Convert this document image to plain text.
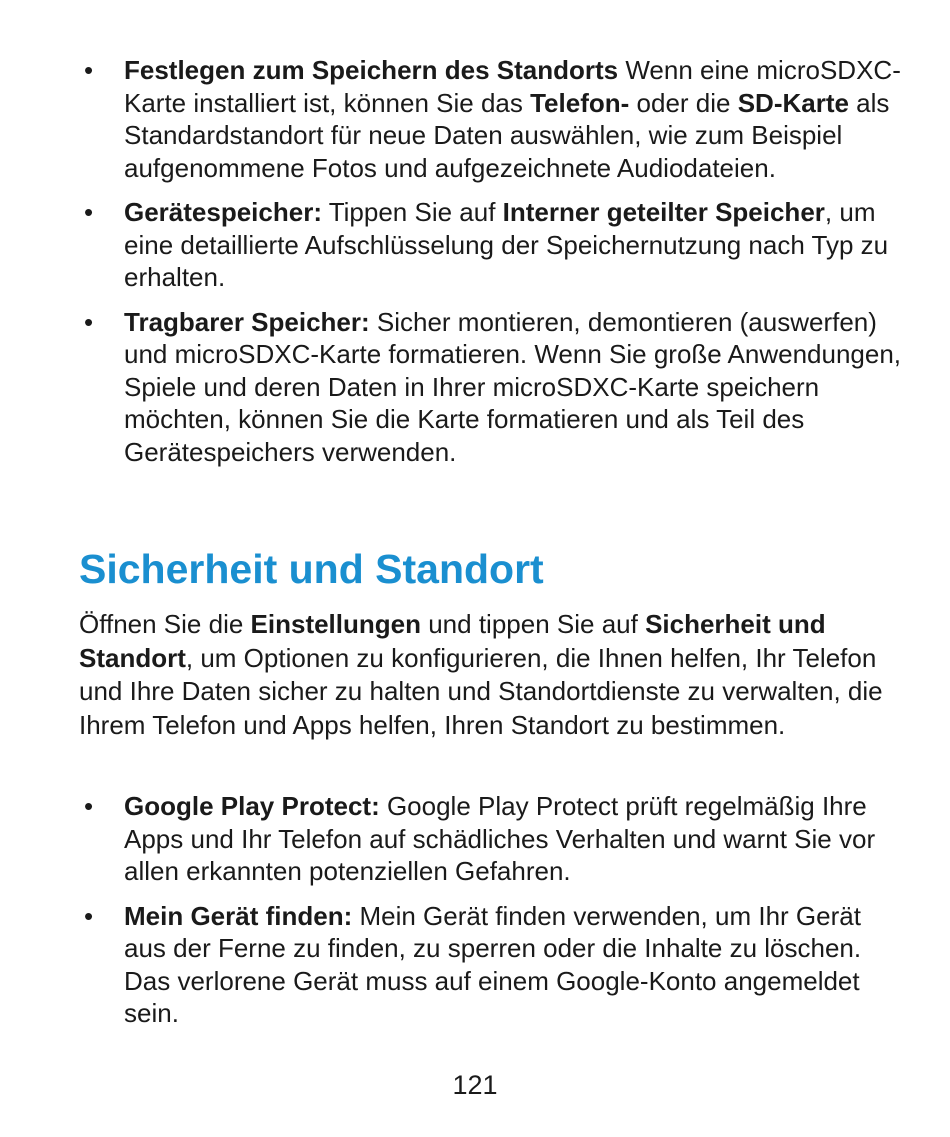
• Festlegen zum Speichern des Standorts Wenn eine microSDXC-Karte installiert ist, können Sie das Telefon- oder die SD-Karte als Standardstandort für neue Daten auswählen, wie zum Beispiel aufgenommene Fotos und aufgezeichnete Audiodateien.
• Gerätespeicher: Tippen Sie auf Interner geteilter Speicher, um eine detaillierte Aufschlüsselung der Speichernutzung nach Typ zu erhalten.
• Tragbarer Speicher: Sicher montieren, demontieren (auswerfen) und microSDXC-Karte formatieren. Wenn Sie große Anwendungen, Spiele und deren Daten in Ihrer microSDXC-Karte speichern möchten, können Sie die Karte formatieren und als Teil des Gerätespeichers verwenden.
Sicherheit und Standort

Öffnen Sie die Einstellungen und tippen Sie auf Sicherheit und Standort, um Optionen zu konfigurieren, die Ihnen helfen, Ihr Telefon und Ihre Daten sicher zu halten und Standortdienste zu verwalten, die Ihrem Telefon und Apps helfen, Ihren Standort zu bestimmen.

• Google Play Protect: Google Play Protect prüft regelmäßig Ihre Apps und Ihr Telefon auf schädliches Verhalten und warnt Sie vor allen erkannten potenziellen Gefahren.
• Mein Gerät finden: Mein Gerät finden verwenden, um Ihr Gerät aus der Ferne zu finden, zu sperren oder die Inhalte zu löschen. Das verlorene Gerät muss auf einem Google-Konto angemeldet sein.

121
